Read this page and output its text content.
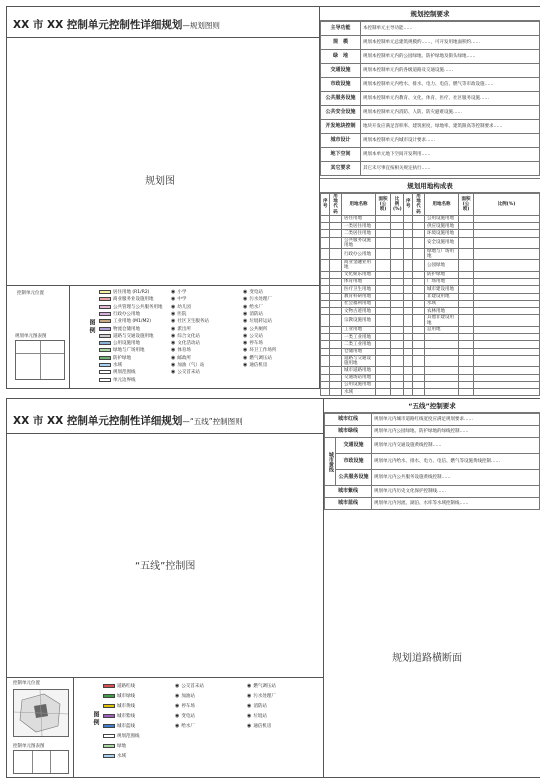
XX 市 XX 控制单元控制性详细规划—规划图则
规划图
控制单元位置
规划单元图表图
图 例
居住用地 (R1/R2)
商业服务业设施用地
公共管理与公共服务用地
行政办公用地
工业用地 (M1/M2)
物流仓储用地
道路与交通设施用地
公用设施用地
绿地与广场用地
防护绿地
水域
规划范围线
单元边界线
◉ 小学
◉ 中学
◉ 幼儿园
◉ 医院
◉ 社区卫生服务站
◉ 派出所
◉ 综合文化站
◉ 文化活动站
◉ 体育场
◉ 邮政所
◉ 加油（气）站
◉ 公交首末站
◉ 变电站
◉ 污水处理厂
◉ 给水厂
◉ 消防站
◉ 垃圾转运站
◉ 公共厕所
◉ 公交站
◉ 停车场
◉ 环卫工作场所
◉ 燃气调压站
◉ 通信机房
规划控制要求
主导功能	本控制单元主导功能……
规　模	规划本控制单元总建筑规模约……，可开发用地面积约……
绿　地	规划本控制单元内的公园绿地、防护绿地及街头绿地……
交通设施	规划本控制单元内的各级道路及交通设施……
市政设施	规划本控制单元内给水、排水、电力、电信、燃气等市政设施……
公共服务设施	规划本控制单元内教育、文化、体育、医疗、社区服务设施……
公共安全设施	规划本控制单元内消防、人防、防灾避难设施……
开发地块控制	地块开发应满足容积率、建筑密度、绿地率、建筑限高等控制要求……
城市设计	规划本控制单元内城市设计要求……
地下空间	规划本单元地下空间开发利用……
其它要求	其它未尽事宜按相关规定执行……
规划用地构成表
序号	用地代码	用地名称	面积(公顷)	比例(%)	序号	用地代码	用地名称	面积(公顷)	比例(%)
		居住用地					公用设施用地		
		一类居住用地					供应设施用地		
		二类居住用地					环境设施用地		
		公共服务设施用地					安全设施用地		
		行政办公用地					绿地与广场用地		
		商业金融业用地					公园绿地		
		文化娱乐用地					防护绿地		
		体育用地					广场用地		
		医疗卫生用地					城市建设用地		
		教育科研用地					非建设用地		
		社会福利用地					水域		
		文物古迹用地					农林用地		
		宗教设施用地					其他非建设用地		
		工业用地					总用地		
		一类工业用地							
		二类工业用地							
		仓储用地							
		道路与交通设施用地							
		城市道路用地							
		交通场站用地							
		公用设施用地							
		水域							
XX 市 XX 控制单元控制性详细规划—“五线”控制图则
“五线”控制图
控制单元位置
控制单元图表图
图 例
道路红线
城市绿线
城市黄线
城市紫线
城市蓝线
规划范围线
绿地
水域
◉ 公交首末站
◉ 加油站
◉ 停车场
◉ 变电站
◉ 给水厂
◉ 燃气调压站
◉ 污水处理厂
◉ 消防站
◉ 垃圾站
◉ 通信机房
“五线”控制要求
城市红线		规划单元内城市道路红线宽度应满足规划要求……
城市绿线		规划单元内公园绿地、防护绿地的绿线控制……
城市黄线	交通设施	规划单元内交通设施黄线控制……
	市政设施	规划单元内给水、排水、电力、电信、燃气等设施黄线控制……
	公共服务设施	规划单元内公共服务设施黄线控制……
城市紫线		规划单元内历史文化保护控制线……
城市蓝线		规划单元内河流、湖泊、水库等水域控制线……
规划道路横断面
